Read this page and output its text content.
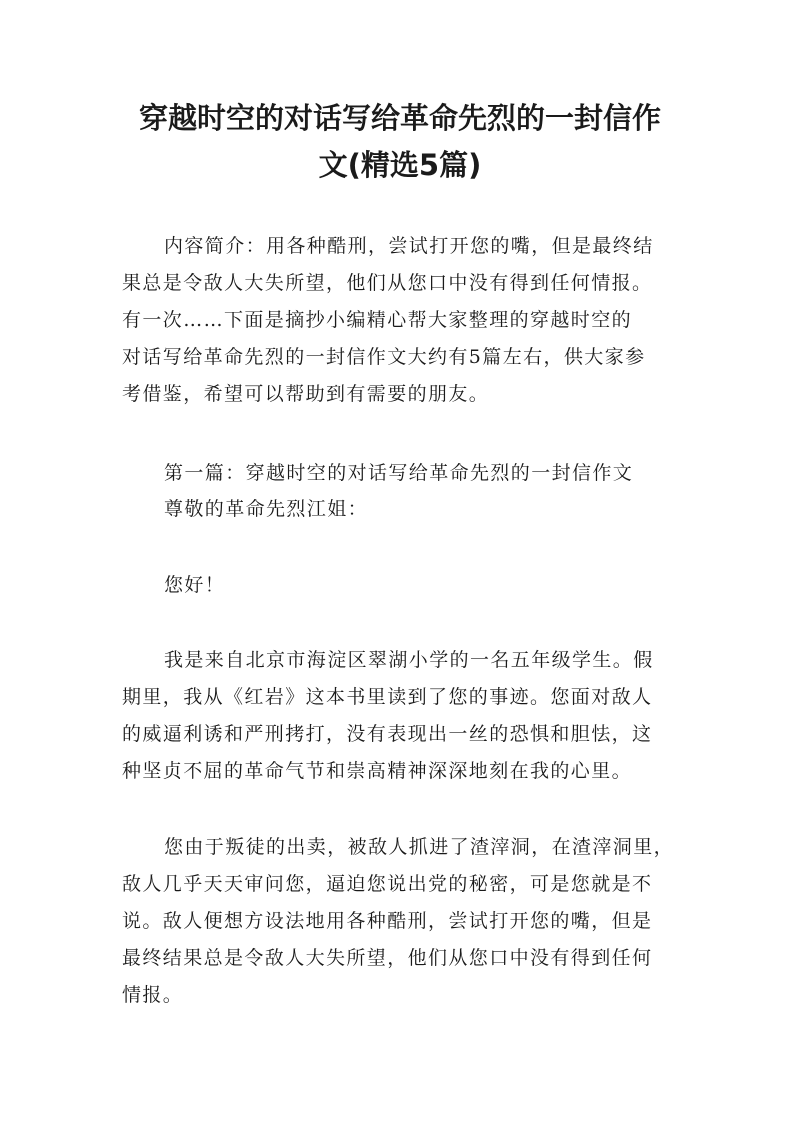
穿越时空的对话写给革命先烈的一封信作
文(精选5篇)

内容简介：用各种酷刑，尝试打开您的嘴，但是最终结

果总是令敌人大失所望，他们从您口中没有得到任何情报。

有一次……下面是摘抄小编精心帮大家整理的穿越时空的

对话写给革命先烈的一封信作文大约有5篇左右，供大家参

考借鉴，希望可以帮助到有需要的朋友。

第一篇：穿越时空的对话写给革命先烈的一封信作文

尊敬的革命先烈江姐：

您好！

我是来自北京市海淀区翠湖小学的一名五年级学生。假

期里，我从《红岩》这本书里读到了您的事迹。您面对敌人

的威逼利诱和严刑拷打，没有表现出一丝的恐惧和胆怯，这

种坚贞不屈的革命气节和崇高精神深深地刻在我的心里。

您由于叛徒的出卖，被敌人抓进了渣滓洞，在渣滓洞里，

敌人几乎天天审问您，逼迫您说出党的秘密，可是您就是不

说。敌人便想方设法地用各种酷刑，尝试打开您的嘴，但是

最终结果总是令敌人大失所望，他们从您口中没有得到任何

情报。
